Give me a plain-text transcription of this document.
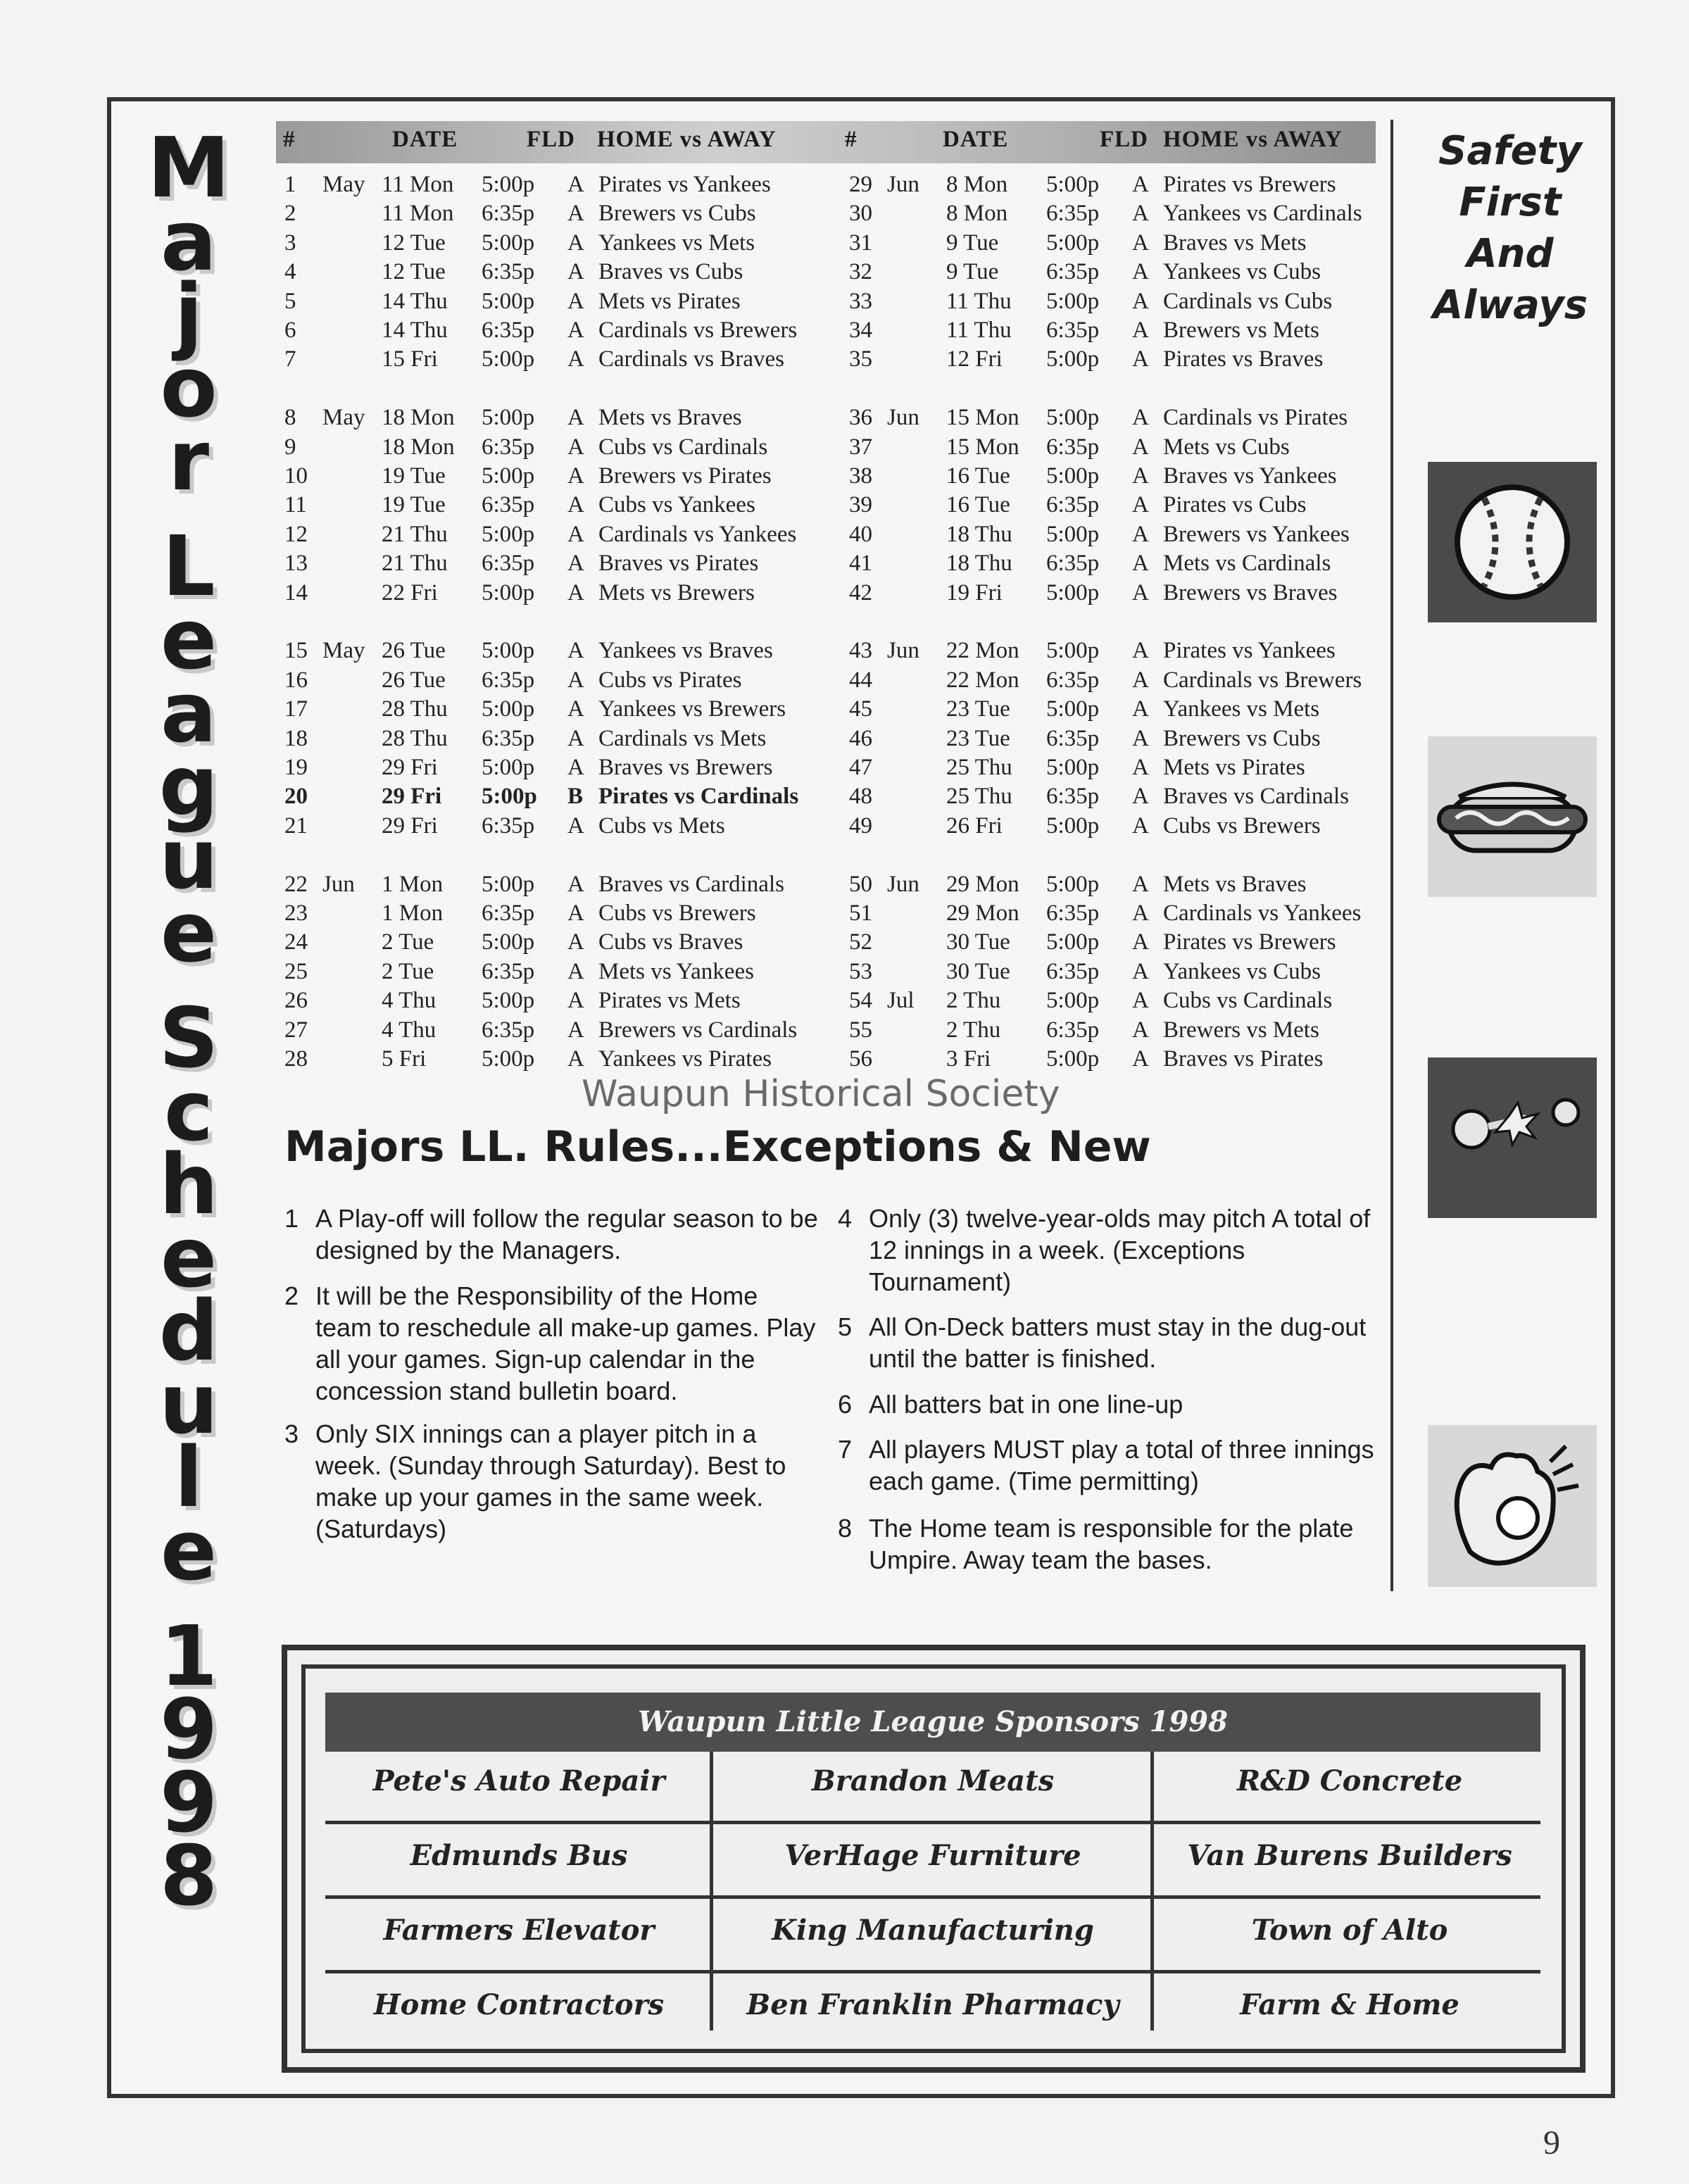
M
a
j
o
r
L
e
a
g
u
e
S
c
h
e
d
u
l
e
1
9
9
8
#	DATE	FLD HOME vs AWAY	#	DATE	FLD HOME vs AWAY
1 May 11 Mon 5:00p A Pirates vs Yankees
2	11 Mon 6:35p A Brewers vs Cubs
3	12 Tue 5:00p A Yankees vs Mets
4	12 Tue 6:35p A Braves vs Cubs
5	14 Thu 5:00p A Mets vs Pirates
6	14 Thu 6:35p A Cardinals vs Brewers
7	15 Fri 5:00p A Cardinals vs Braves
8 May 18 Mon 5:00p A Mets vs Braves
9	18 Mon 6:35p A Cubs vs Cardinals
10	19 Tue 5:00p A Brewers vs Pirates
11	19 Tue 6:35p A Cubs vs Yankees
12	21 Thu 5:00p A Cardinals vs Yankees
13	21 Thu 6:35p A Braves vs Pirates
14	22 Fri 5:00p A Mets vs Brewers
15 May 26 Tue 5:00p A Yankees vs Braves
16	26 Tue 6:35p A Cubs vs Pirates
17	28 Thu 5:00p A Yankees vs Brewers
18	28 Thu 6:35p A Cardinals vs Mets
19	29 Fri 5:00p A Braves vs Brewers
20	29 Fri 5:00p B Pirates vs Cardinals
21	29 Fri 6:35p A Cubs vs Mets
22 Jun 1 Mon 5:00p A Braves vs Cardinals
23	1 Mon 6:35p A Cubs vs Brewers
24	2 Tue 5:00p A Cubs vs Braves
25	2 Tue 6:35p A Mets vs Yankees
26	4 Thu 5:00p A Pirates vs Mets
27	4 Thu 6:35p A Brewers vs Cardinals
28	5 Fri 5:00p A Yankees vs Pirates
29 Jun 8 Mon 5:00p A Pirates vs Brewers
30	8 Mon 6:35p A Yankees vs Cardinals
31	9 Tue 5:00p A Braves vs Mets
32	9 Tue 6:35p A Yankees vs Cubs
33	11 Thu 5:00p A Cardinals vs Cubs
34	11 Thu 6:35p A Brewers vs Mets
35	12 Fri 5:00p A Pirates vs Braves
36 Jun 15 Mon 5:00p A Cardinals vs Pirates
37	15 Mon 6:35p A Mets vs Cubs
38	16 Tue 5:00p A Braves vs Yankees
39	16 Tue 6:35p A Pirates vs Cubs
40	18 Thu 5:00p A Brewers vs Yankees
41	18 Thu 6:35p A Mets vs Cardinals
42	19 Fri 5:00p A Brewers vs Braves
43 Jun 22 Mon 5:00p A Pirates vs Yankees
44	22 Mon 6:35p A Cardinals vs Brewers
45	23 Tue 5:00p A Yankees vs Mets
46	23 Tue 6:35p A Brewers vs Cubs
47	25 Thu 5:00p A Mets vs Pirates
48	25 Thu 6:35p A Braves vs Cardinals
49	26 Fri 5:00p A Cubs vs Brewers
50 Jun 29 Mon 5:00p A Mets vs Braves
51	29 Mon 6:35p A Cardinals vs Yankees
52	30 Tue 5:00p A Pirates vs Brewers
53	30 Tue 6:35p A Yankees vs Cubs
54 Jul 2 Thu 5:00p A Cubs vs Cardinals
55	2 Thu 6:35p A Brewers vs Mets
56	3 Fri 5:00p A Braves vs Pirates
Waupun Historical Society
Majors LL. Rules...Exceptions & New
1 A Play-off will follow the regular season to be designed by the Managers.
2 It will be the Responsibility of the Home team to reschedule all make-up games. Play all your games. Sign-up calendar in the concession stand bulletin board.
3 Only SIX innings can a player pitch in a week. (Sunday through Saturday). Best to make up your games in the same week. (Saturdays)
4 Only (3) twelve-year-olds may pitch A total of 12 innings in a week. (Exceptions Tournament)
5 All On-Deck batters must stay in the dug-out until the batter is finished.
6 All batters bat in one line-up
7 All players MUST play a total of three innings each game. (Time permitting)
8 The Home team is responsible for the plate Umpire. Away team the bases.
Safety
First
And
Always
Waupun Little League Sponsors 1998
Pete's Auto Repair	Brandon Meats	R&D Concrete
Edmunds Bus	VerHage Furniture	Van Burens Builders
Farmers Elevator	King Manufacturing	Town of Alto
Home Contractors	Ben Franklin Pharmacy	Farm & Home
9
